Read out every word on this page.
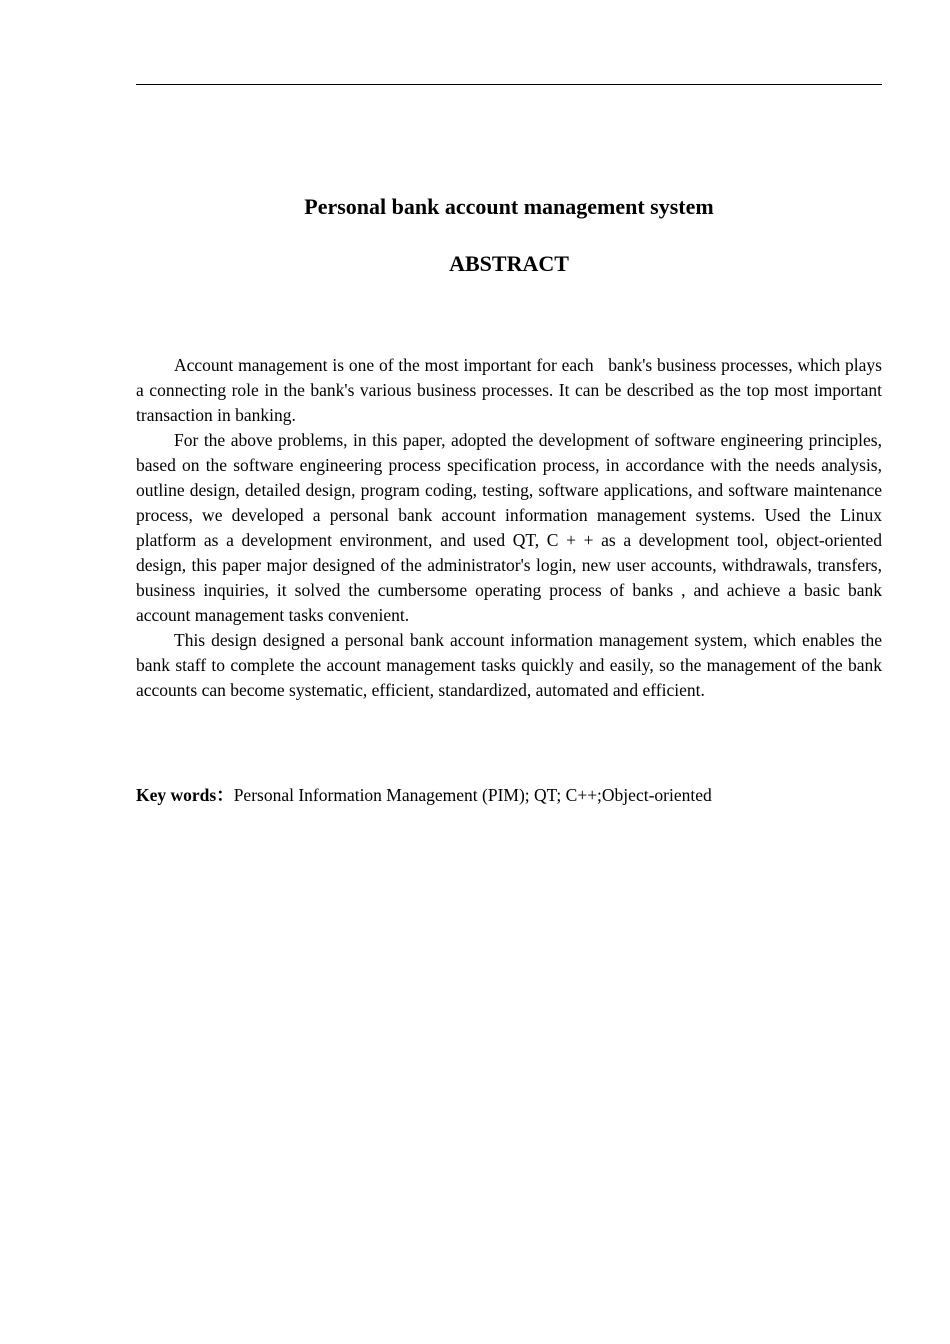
Personal bank account management system
ABSTRACT

Account management is one of the most important for each   bank's business processes, which plays a connecting role in the bank's various business processes. It can be described as the top most important transaction in banking.

For the above problems, in this paper, adopted the development of software engineering principles, based on the software engineering process specification process, in accordance with the needs analysis, outline design, detailed design, program coding, testing, software applications, and software maintenance process, we developed a personal bank account information management systems. Used the Linux platform as a development environment, and used QT, C + + as a development tool, object-oriented design, this paper major designed of the administrator's login, new user accounts, withdrawals, transfers, business inquiries, it solved the cumbersome operating process of banks , and achieve a basic bank account management tasks convenient.

This design designed a personal bank account information management system, which enables the bank staff to complete the account management tasks quickly and easily, so the management of the bank accounts can become systematic, efficient, standardized, automated and efficient.

Key words：Personal Information Management (PIM); QT; C++;Object-oriented
